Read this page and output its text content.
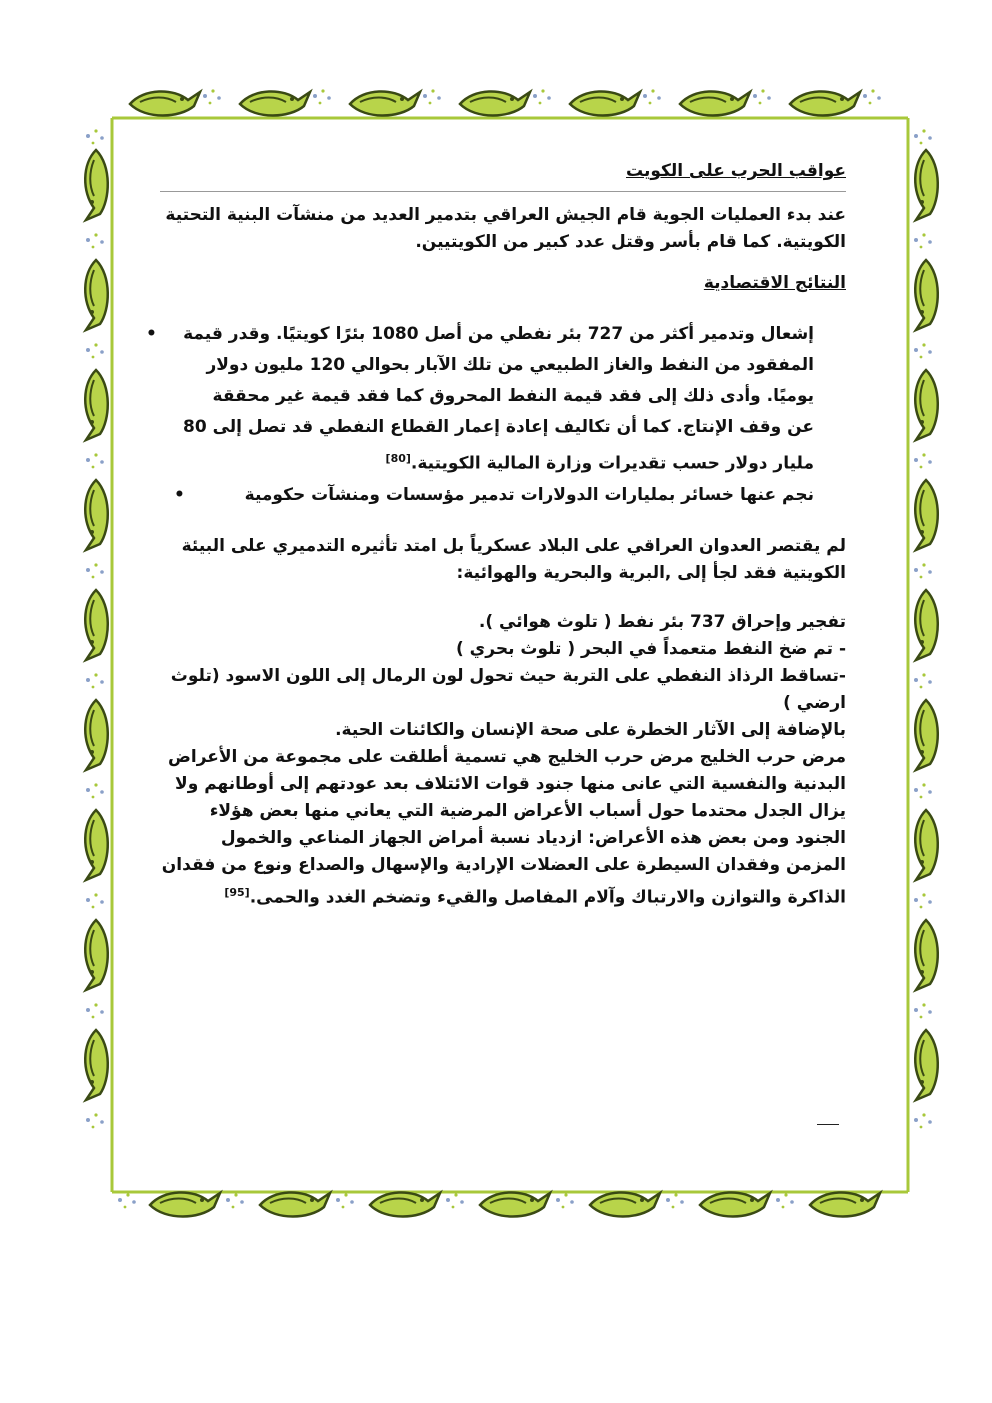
عواقب الحرب على الكويت

عند بدء العمليات الجوية قام الجيش العراقي بتدمير العديد من منشآت البنية التحتية الكويتية. كما قام بأسر وقتل عدد كبير من الكويتيين.

النتائج الاقتصادية
• إشعال وتدمير أكثر من 727 بئر نفطي من أصل 1080 بئرًا كويتيًا. وقدر قيمة المفقود من النفط والغاز الطبيعي من تلك الآبار بحوالي 120 مليون دولار يوميًا. وأدى ذلك إلى فقد قيمة النفط المحروق كما فقد قيمة غير محققة عن وقف الإنتاج. كما أن تكاليف إعادة إعمار القطاع النفطي قد تصل إلى 80 مليار دولار حسب تقديرات وزارة المالية الكويتية.[80]
•	نجم عنها خسائر بمليارات الدولارات تدمير مؤسسات ومنشآت حكومية

لم يقتصر العدوان العراقي على البلاد عسكرياً بل امتد تأثيره التدميري على البيئة الكويتية فقد لجأ إلى ,البرية والبحرية والهوائية:

تفجير وإحراق 737 بئر نفط ( تلوث هوائي ).

- تم ضخ النفط متعمداً في البحر ( تلوث بحري )

-تساقط الرذاذ النفطي على التربة حيث تحول لون الرمال إلى اللون الاسود (تلوث ارضي )

بالإضافة إلى الآثار الخطرة على صحة الإنسان والكائنات الحية.

مرض حرب الخليج مرض حرب الخليج هي تسمية أطلقت على مجموعة من الأعراض البدنية والنفسية التي عانى منها جنود قوات الائتلاف بعد عودتهم إلى أوطانهم ولا يزال الجدل محتدما حول أسباب الأعراض المرضية التي يعاني منها بعض هؤلاء الجنود ومن بعض هذه الأعراض: ازدياد نسبة أمراض الجهاز المناعي والخمول المزمن وفقدان السيطرة على العضلات الإرادية والإسهال والصداع ونوع من فقدان الذاكرة والتوازن والارتباك وآلام المفاصل والقيء وتضخم الغدد والحمى.[95]
